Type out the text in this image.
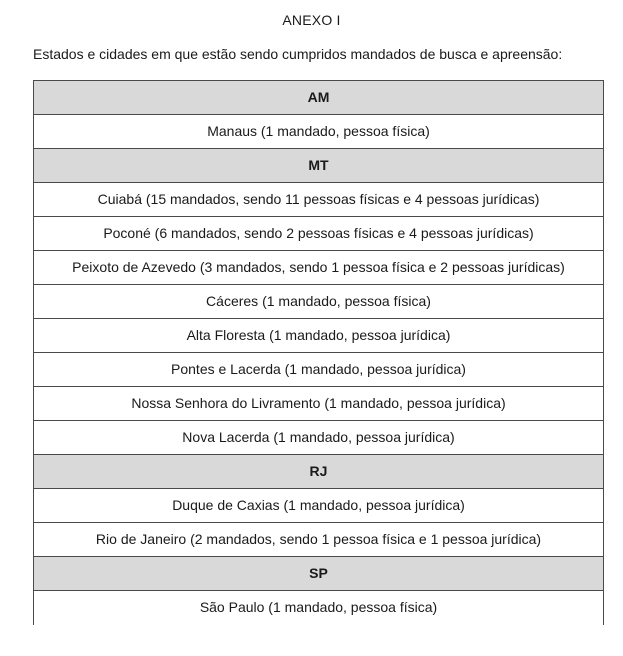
ANEXO I
Estados e cidades em que estão sendo cumpridos mandados de busca e apreensão:
AM
Manaus (1 mandado, pessoa física)
MT
Cuiabá (15 mandados, sendo 11 pessoas físicas e 4 pessoas jurídicas)
Poconé (6 mandados, sendo 2 pessoas físicas e 4 pessoas jurídicas)
Peixoto de Azevedo (3 mandados, sendo 1 pessoa física e 2 pessoas jurídicas)
Cáceres (1 mandado, pessoa física)
Alta Floresta (1 mandado, pessoa jurídica)
Pontes e Lacerda (1 mandado, pessoa jurídica)
Nossa Senhora do Livramento (1 mandado, pessoa jurídica)
Nova Lacerda (1 mandado, pessoa jurídica)
RJ
Duque de Caxias (1 mandado, pessoa jurídica)
Rio de Janeiro (2 mandados, sendo 1 pessoa física e 1 pessoa jurídica)
SP
São Paulo (1 mandado, pessoa física)
